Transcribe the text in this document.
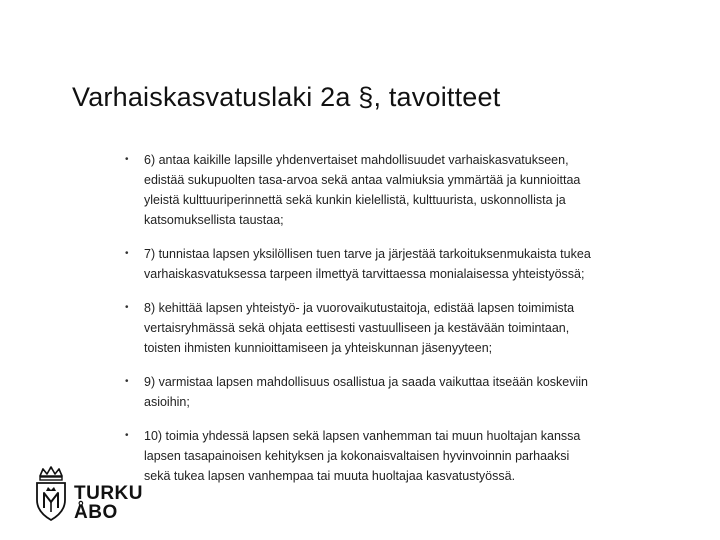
Varhaiskasvatuslaki 2a §, tavoitteet
• 6) antaa kaikille lapsille yhdenvertaiset mahdollisuudet varhaiskasvatukseen,
edistää sukupuolten tasa-arvoa sekä antaa valmiuksia ymmärtää ja kunnioittaa
yleistä kulttuuriperinnettä sekä kunkin kielellistä, kulttuurista, uskonnollista ja
katsomuksellista taustaa;
• 7) tunnistaa lapsen yksilöllisen tuen tarve ja järjestää tarkoituksenmukaista tukea
varhaiskasvatuksessa tarpeen ilmettyä tarvittaessa monialaisessa yhteistyössä;
• 8) kehittää lapsen yhteistyö- ja vuorovaikutustaitoja, edistää lapsen toimimista
vertaisryhmässä sekä ohjata eettisesti vastuulliseen ja kestävään toimintaan,
toisten ihmisten kunnioittamiseen ja yhteiskunnan jäsenyyteen;
• 9) varmistaa lapsen mahdollisuus osallistua ja saada vaikuttaa itseään koskeviin
asioihin;
• 10) toimia yhdessä lapsen sekä lapsen vanhemman tai muun huoltajan kanssa
lapsen tasapainoisen kehityksen ja kokonaisvaltaisen hyvinvoinnin parhaaksi
sekä tukea lapsen vanhempaa tai muuta huoltajaa kasvatustyössä.
TURKU
ÅBO
